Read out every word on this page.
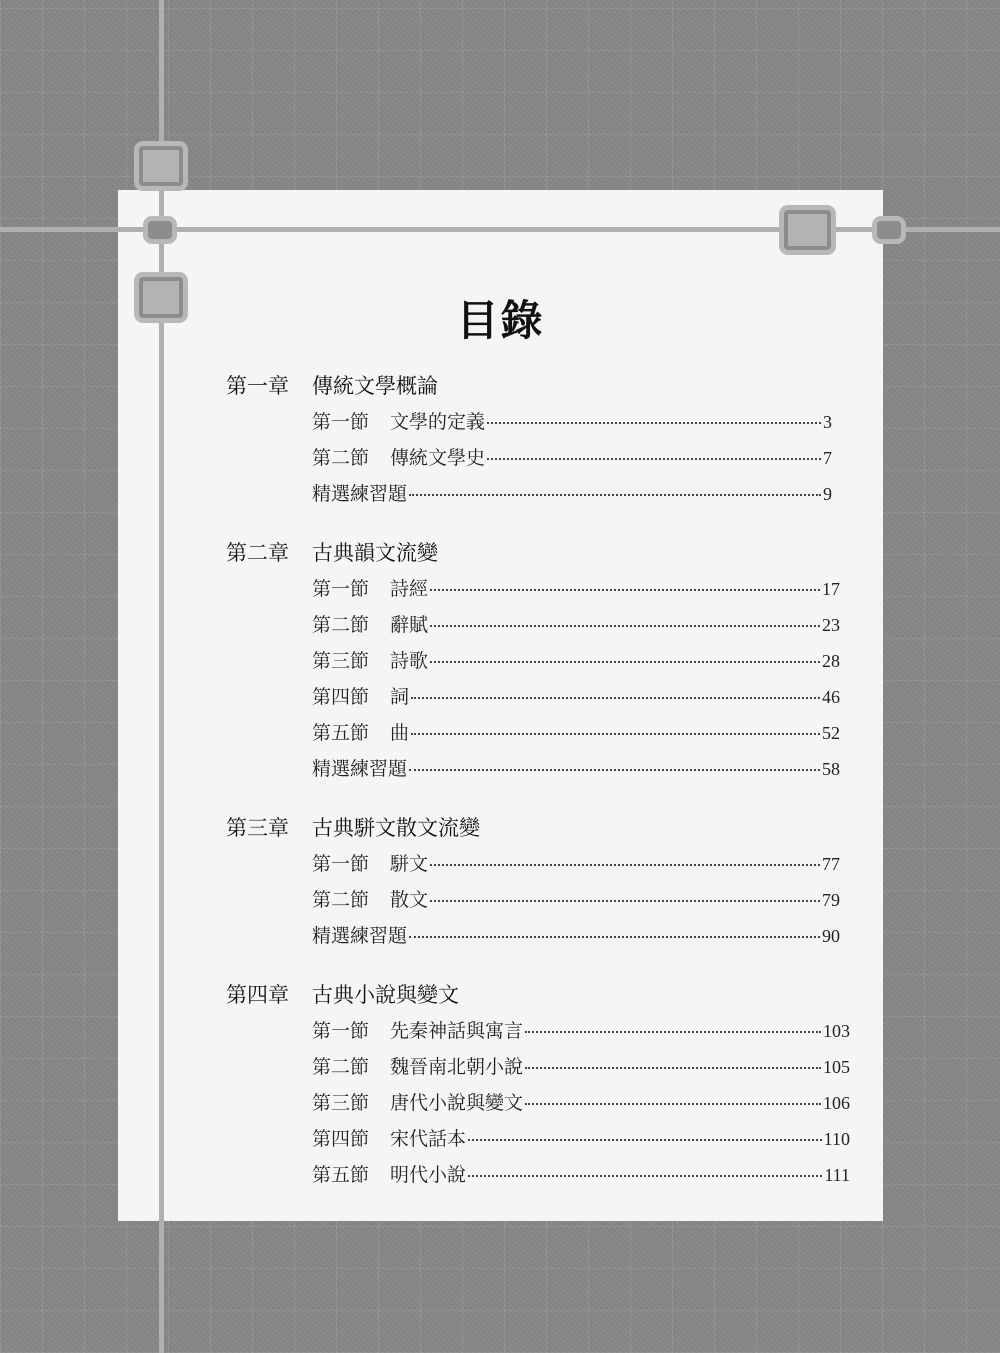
目錄
第一章 傳統文學概論
第一節	文學的定義	3
第二節	傳統文學史	7
精選練習題	9
第二章 古典韻文流變
第一節	詩經	17
第二節	辭賦	23
第三節	詩歌	28
第四節	詞	46
第五節	曲	52
精選練習題	58
第三章 古典駢文散文流變
第一節	駢文	77
第二節	散文	79
精選練習題	90
第四章 古典小說與變文
第一節	先秦神話與寓言	103
第二節	魏晉南北朝小說	105
第三節	唐代小說與變文	106
第四節	宋代話本	110
第五節	明代小說	111
